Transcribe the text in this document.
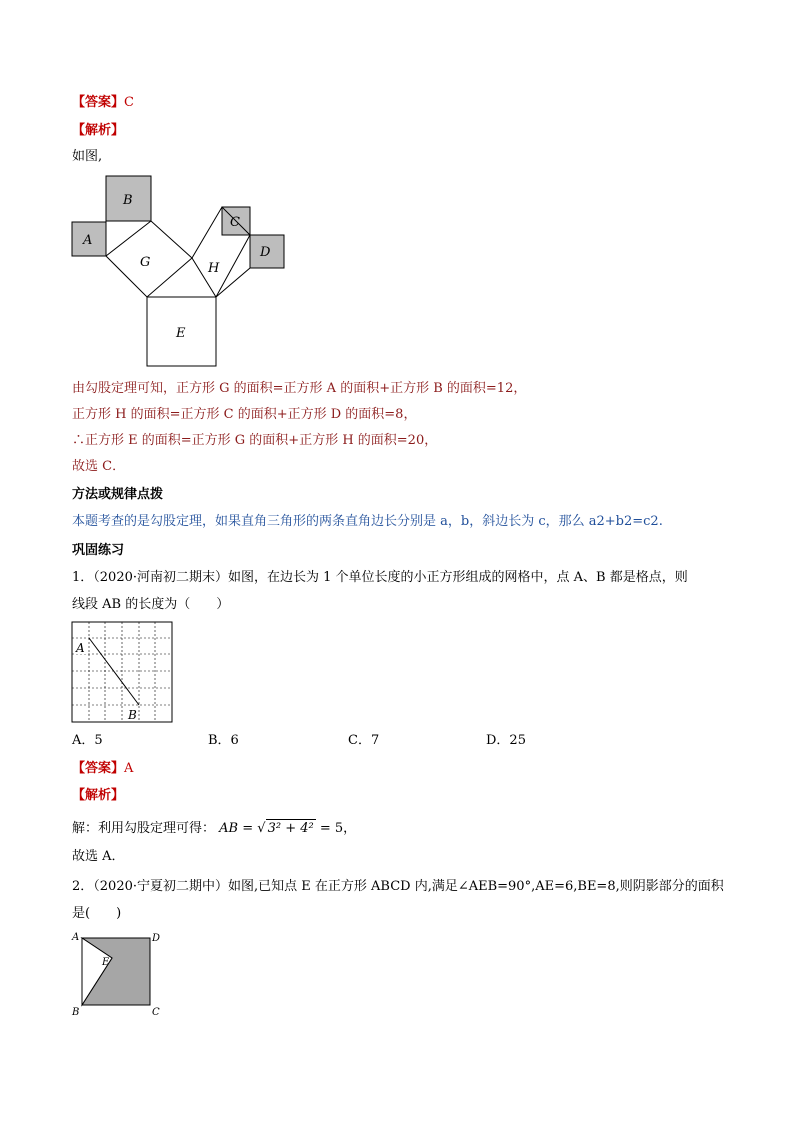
【答案】C
【解析】
如图,
A
B
C
D
G	H
E
由勾股定理可知，正方形 G 的面积=正方形 A 的面积+正方形 B 的面积=12，
正方形 H 的面积=正方形 C 的面积+正方形 D 的面积=8，
∴正方形 E 的面积=正方形 G 的面积+正方形 H 的面积=20，
故选 C．
方法或规律点拨
本题考查的是勾股定理，如果直角三角形的两条直角边长分别是 a，b，斜边长为 c，那么 a2+b2=c2.
巩固练习
1．（2020·河南初二期末）如图，在边长为 1 个单位长度的小正方形组成的网格中，点 A、B 都是格点，则
线段 AB 的长度为（　　）
A
B
A．5	B．6	C．7	D．25
【答案】A
【解析】
解：利用勾股定理可得： AB = √ 3² + 4² = 5，
故选 A．
2．（2020·宁夏初二期中）如图,已知点 E 在正方形 ABCD 内,满足∠AEB=90°,AE=6,BE=8,则阴影部分的面积
是(　　)
A	D
E
B	C
